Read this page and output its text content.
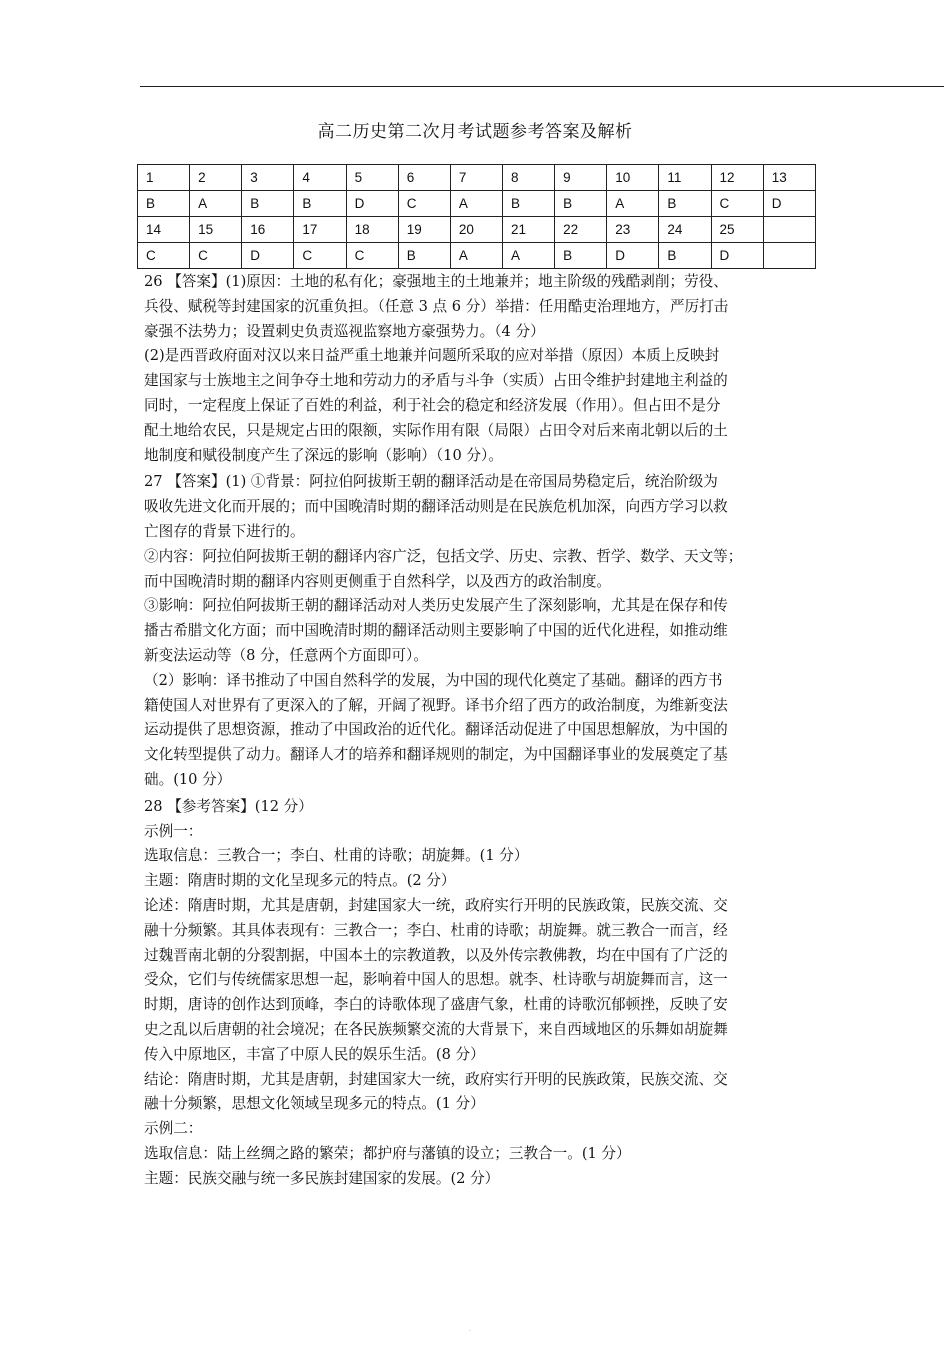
高二历史第二次月考试题参考答案及解析
1	2	3	4	5	6	7	8	9	10	11	12	13
B	A	B	B	D	C	A	B	B	A	B	C	D
14	15	16	17	18	19	20	21	22	23	24	25	
C	C	D	C	C	B	A	A	B	D	B	D	

26 【答案】(1)原因：土地的私有化；豪强地主的土地兼并；地主阶级的残酷剥削；劳役、

兵役、赋税等封建国家的沉重负担。（任意 3 点 6 分）举措：任用酷吏治理地方，严厉打击

豪强不法势力；设置刺史负责巡视监察地方豪强势力。（4 分）

(2)是西晋政府面对汉以来日益严重土地兼并问题所采取的应对举措（原因）本质上反映封

建国家与士族地主之间争夺土地和劳动力的矛盾与斗争（实质）占田令维护封建地主利益的

同时，一定程度上保证了百姓的利益，利于社会的稳定和经济发展（作用）。但占田不是分

配土地给农民，只是规定占田的限额，实际作用有限（局限）占田令对后来南北朝以后的土

地制度和赋役制度产生了深远的影响（影响）（10 分）。

27 【答案】(1) ①背景：阿拉伯阿拔斯王朝的翻译活动是在帝国局势稳定后，统治阶级为

吸收先进文化而开展的；而中国晚清时期的翻译活动则是在民族危机加深，向西方学习以救

亡图存的背景下进行的。

②内容：阿拉伯阿拔斯王朝的翻译内容广泛，包括文学、历史、宗教、哲学、数学、天文等；

而中国晚清时期的翻译内容则更侧重于自然科学，以及西方的政治制度。

③影响：阿拉伯阿拔斯王朝的翻译活动对人类历史发展产生了深刻影响，尤其是在保存和传

播古希腊文化方面；而中国晚清时期的翻译活动则主要影响了中国的近代化进程，如推动维

新变法运动等（8 分，任意两个方面即可）。

（2）影响：译书推动了中国自然科学的发展，为中国的现代化奠定了基础。翻译的西方书

籍使国人对世界有了更深入的了解，开阔了视野。译书介绍了西方的政治制度，为维新变法

运动提供了思想资源，推动了中国政治的近代化。翻译活动促进了中国思想解放，为中国的

文化转型提供了动力。翻译人才的培养和翻译规则的制定，为中国翻译事业的发展奠定了基

础。(10 分）

28 【参考答案】(12 分）

示例一：

选取信息：三教合一；李白、杜甫的诗歌；胡旋舞。(1 分）

主题：隋唐时期的文化呈现多元的特点。(2 分）

论述：隋唐时期，尤其是唐朝，封建国家大一统，政府实行开明的民族政策，民族交流、交

融十分频繁。其具体表现有：三教合一；李白、杜甫的诗歌；胡旋舞。就三教合一而言，经

过魏晋南北朝的分裂割据，中国本土的宗教道教，以及外传宗教佛教，均在中国有了广泛的

受众，它们与传统儒家思想一起，影响着中国人的思想。就李、杜诗歌与胡旋舞而言，这一

时期，唐诗的创作达到顶峰，李白的诗歌体现了盛唐气象，杜甫的诗歌沉郁顿挫，反映了安

史之乱以后唐朝的社会境况；在各民族频繁交流的大背景下，来自西域地区的乐舞如胡旋舞

传入中原地区，丰富了中原人民的娱乐生活。(8 分）

结论：隋唐时期，尤其是唐朝，封建国家大一统，政府实行开明的民族政策，民族交流、交

融十分频繁，思想文化领域呈现多元的特点。(1 分）

示例二：

选取信息：陆上丝绸之路的繁荣；都护府与藩镇的设立；三教合一。(1 分）

主题：民族交融与统一多民族封建国家的发展。(2 分）

.
